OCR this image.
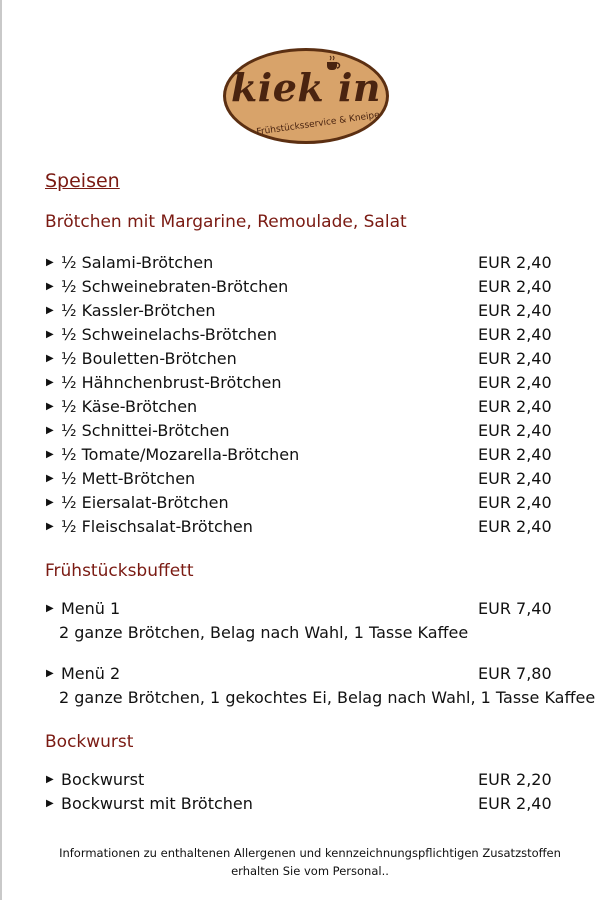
kiek in
Frühstücksservice & Kneipe
Speisen
Brötchen mit Margarine, Remoulade, Salat
▶ ½ Salami-Brötchen	EUR 2,40
▶ ½ Schweinebraten-Brötchen	EUR 2,40
▶ ½ Kassler-Brötchen	EUR 2,40
▶ ½ Schweinelachs-Brötchen	EUR 2,40
▶ ½ Bouletten-Brötchen	EUR 2,40
▶ ½ Hähnchenbrust-Brötchen	EUR 2,40
▶ ½ Käse-Brötchen	EUR 2,40
▶ ½ Schnittei-Brötchen	EUR 2,40
▶ ½ Tomate/Mozarella-Brötchen	EUR 2,40
▶ ½ Mett-Brötchen	EUR 2,40
▶ ½ Eiersalat-Brötchen	EUR 2,40
▶ ½ Fleischsalat-Brötchen	EUR 2,40
Frühstücksbuffett
▶ Menü 1	EUR 7,40
2 ganze Brötchen, Belag nach Wahl, 1 Tasse Kaffee
▶ Menü 2	EUR 7,80
2 ganze Brötchen, 1 gekochtes Ei, Belag nach Wahl, 1 Tasse Kaffee
Bockwurst
▶ Bockwurst	EUR 2,20
▶ Bockwurst mit Brötchen	EUR 2,40
Informationen zu enthaltenen Allergenen und kennzeichnungspflichtigen Zusatzstoffen
erhalten Sie vom Personal..
